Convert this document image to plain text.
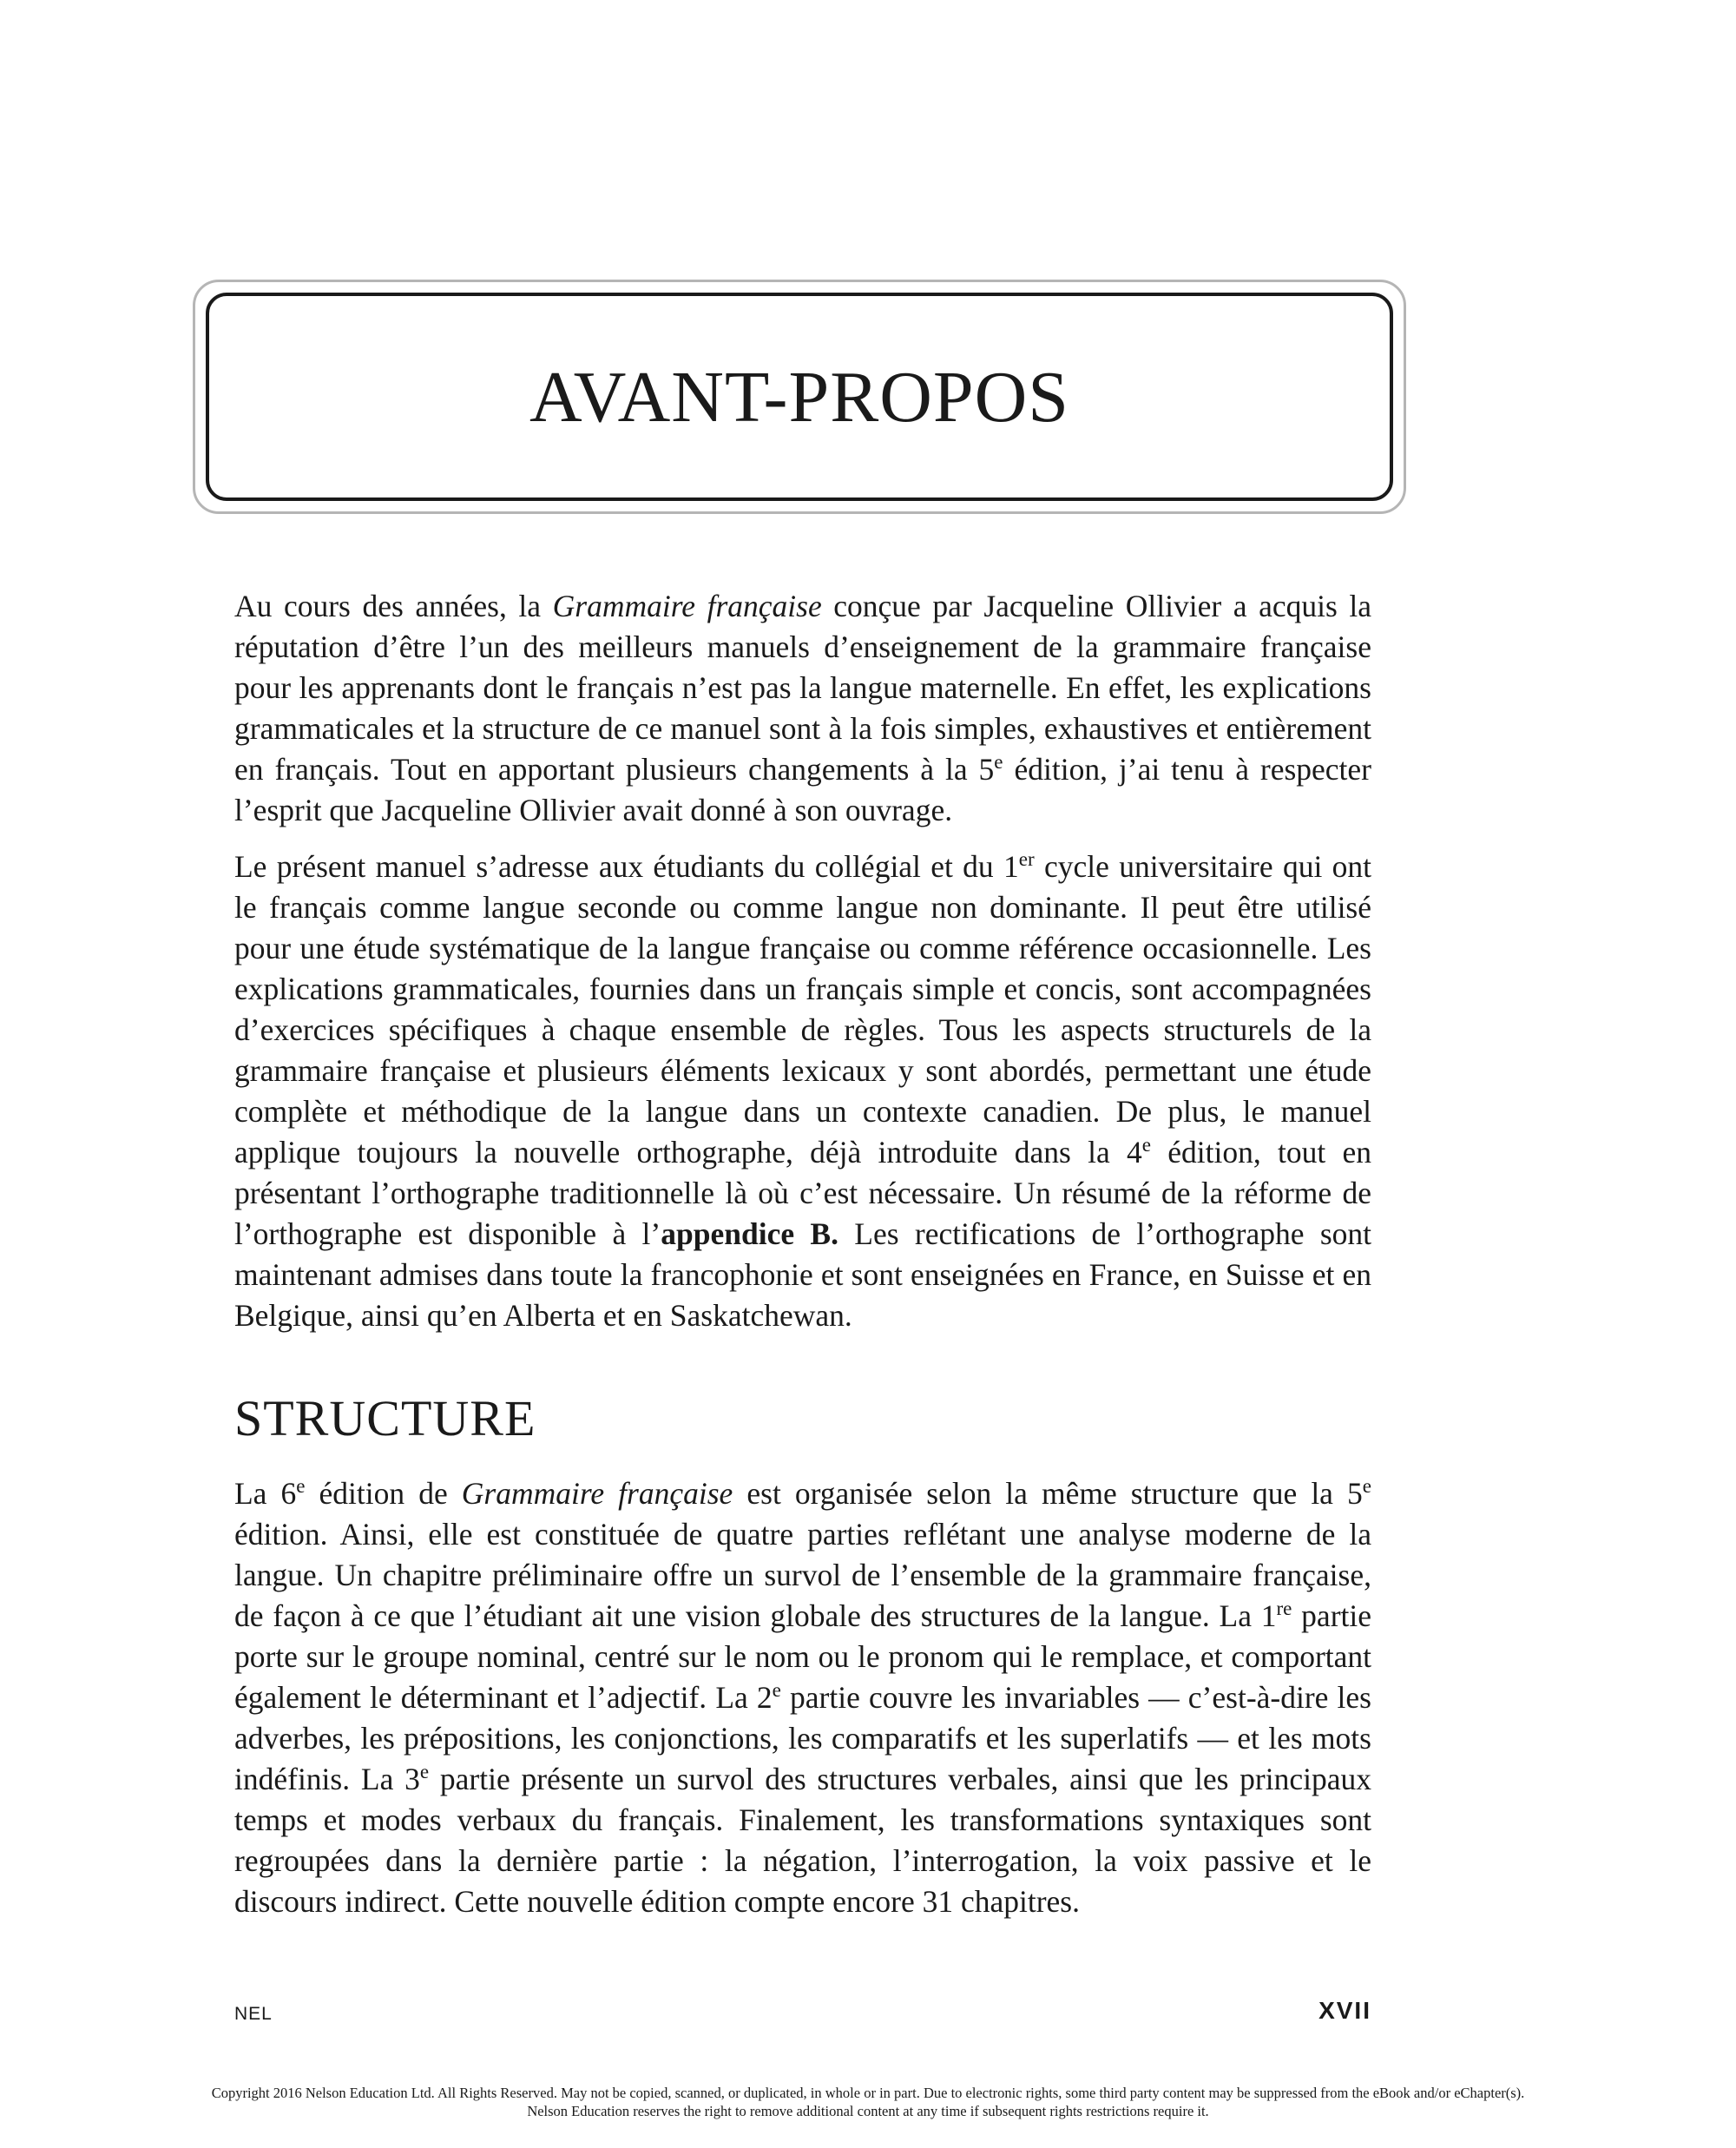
AVANT-PROPOS

Au cours des années, la Grammaire française conçue par Jacqueline Ollivier a acquis la réputation d’être l’un des meilleurs manuels d’enseignement de la grammaire française pour les apprenants dont le français n’est pas la langue maternelle. En effet, les explications grammaticales et la structure de ce manuel sont à la fois simples, exhaustives et entièrement en français. Tout en apportant plusieurs changements à la 5e édition, j’ai tenu à respecter l’esprit que Jacqueline Ollivier avait donné à son ouvrage.

Le présent manuel s’adresse aux étudiants du collégial et du 1er cycle universitaire qui ont le français comme langue seconde ou comme langue non dominante. Il peut être utilisé pour une étude systématique de la langue française ou comme référence occasionnelle. Les explications grammaticales, fournies dans un français simple et concis, sont accompagnées d’exercices spécifiques à chaque ensemble de règles. Tous les aspects structurels de la grammaire française et plusieurs éléments lexicaux y sont abordés, permettant une étude complète et méthodique de la langue dans un contexte canadien. De plus, le manuel applique toujours la nouvelle orthographe, déjà introduite dans la 4e édition, tout en présentant l’orthographe traditionnelle là où c’est nécessaire. Un résumé de la réforme de l’orthographe est disponible à l’appendice B. Les rectifications de l’orthographe sont maintenant admises dans toute la francophonie et sont enseignées en France, en Suisse et en Belgique, ainsi qu’en Alberta et en Saskatchewan.

STRUCTURE

La 6e édition de Grammaire française est organisée selon la même structure que la 5e édition. Ainsi, elle est constituée de quatre parties reflétant une analyse moderne de la langue. Un chapitre préliminaire offre un survol de l’ensemble de la grammaire française, de façon à ce que l’étudiant ait une vision globale des structures de la langue. La 1re partie porte sur le groupe nominal, centré sur le nom ou le pronom qui le remplace, et comportant également le déterminant et l’adjectif. La 2e partie couvre les invariables — c’est-à-dire les adverbes, les prépositions, les conjonctions, les comparatifs et les superlatifs — et les mots indéfinis. La 3e partie présente un survol des structures verbales, ainsi que les principaux temps et modes verbaux du français. Finalement, les transformations syntaxiques sont regroupées dans la dernière partie : la négation, l’interrogation, la voix passive et le discours indirect. Cette nouvelle édition compte encore 31 chapitres.

NEL	XVII
Copyright 2016 Nelson Education Ltd. All Rights Reserved. May not be copied, scanned, or duplicated, in whole or in part. Due to electronic rights, some third party content may be suppressed from the eBook and/or eChapter(s).
Nelson Education reserves the right to remove additional content at any time if subsequent rights restrictions require it.
